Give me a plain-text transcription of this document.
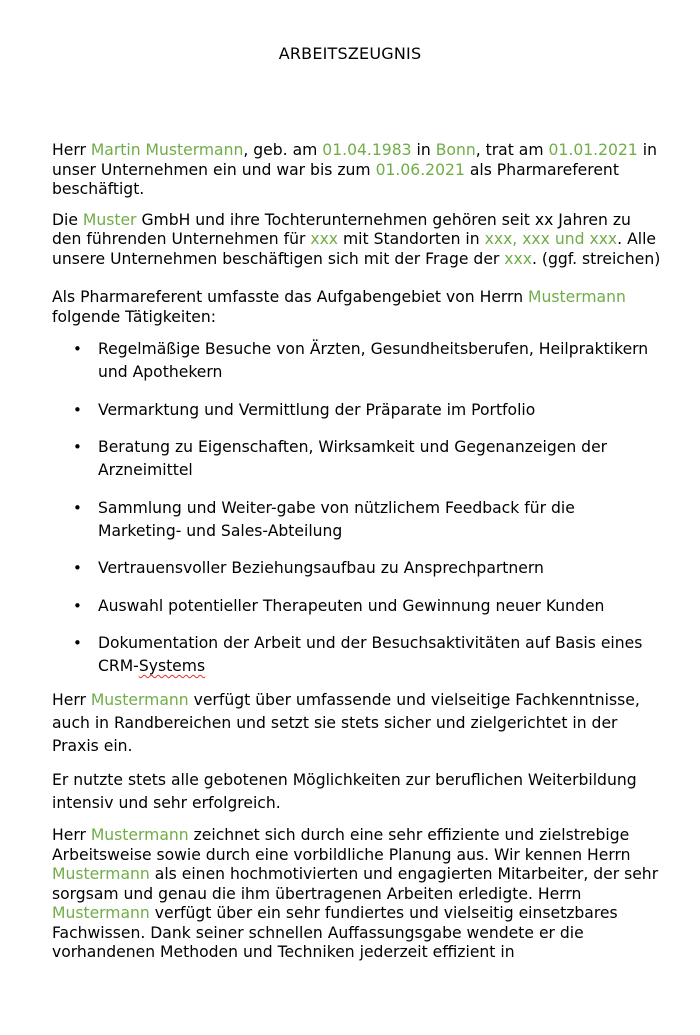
ARBEITSZEUGNIS

Herr Martin Mustermann, geb. am 01.04.1983 in Bonn, trat am 01.01.2021 in unser Unternehmen ein und war bis zum 01.06.2021 als Pharmareferent beschäftigt.

Die Muster GmbH und ihre Tochterunternehmen gehören seit xx Jahren zu den führenden Unternehmen für xxx mit Standorten in xxx, xxx und xxx. Alle unsere Unternehmen beschäftigen sich mit der Frage der xxx. (ggf. streichen)

Als Pharmareferent umfasste das Aufgabengebiet von Herrn Mustermann folgende Tätigkeiten:

• Regelmäßige Besuche von Ärzten, Gesundheitsberufen, Heilpraktikern und Apothekern
• Vermarktung und Vermittlung der Präparate im Portfolio
• Beratung zu Eigenschaften, Wirksamkeit und Gegenanzeigen der Arzneimittel
• Sammlung und Weiter-gabe von nützlichem Feedback für die Marketing- und Sales-Abteilung
• Vertrauensvoller Beziehungsaufbau zu Ansprechpartnern
• Auswahl potentieller Therapeuten und Gewinnung neuer Kunden
• Dokumentation der Arbeit und der Besuchsaktivitäten auf Basis eines CRM-Systems

Herr Mustermann verfügt über umfassende und vielseitige Fachkenntnisse, auch in Randbereichen und setzt sie stets sicher und zielgerichtet in der Praxis ein.

Er nutzte stets alle gebotenen Möglichkeiten zur beruflichen Weiterbildung intensiv und sehr erfolgreich.

Herr Mustermann zeichnet sich durch eine sehr effiziente und zielstrebige Arbeitsweise sowie durch eine vorbildliche Planung aus. Wir kennen Herrn Mustermann als einen hochmotivierten und engagierten Mitarbeiter, der sehr sorgsam und genau die ihm übertragenen Arbeiten erledigte. Herrn Mustermann verfügt über ein sehr fundiertes und vielseitig einsetzbares Fachwissen. Dank seiner schnellen Auffassungsgabe wendete er die vorhandenen Methoden und Techniken jederzeit effizient in
